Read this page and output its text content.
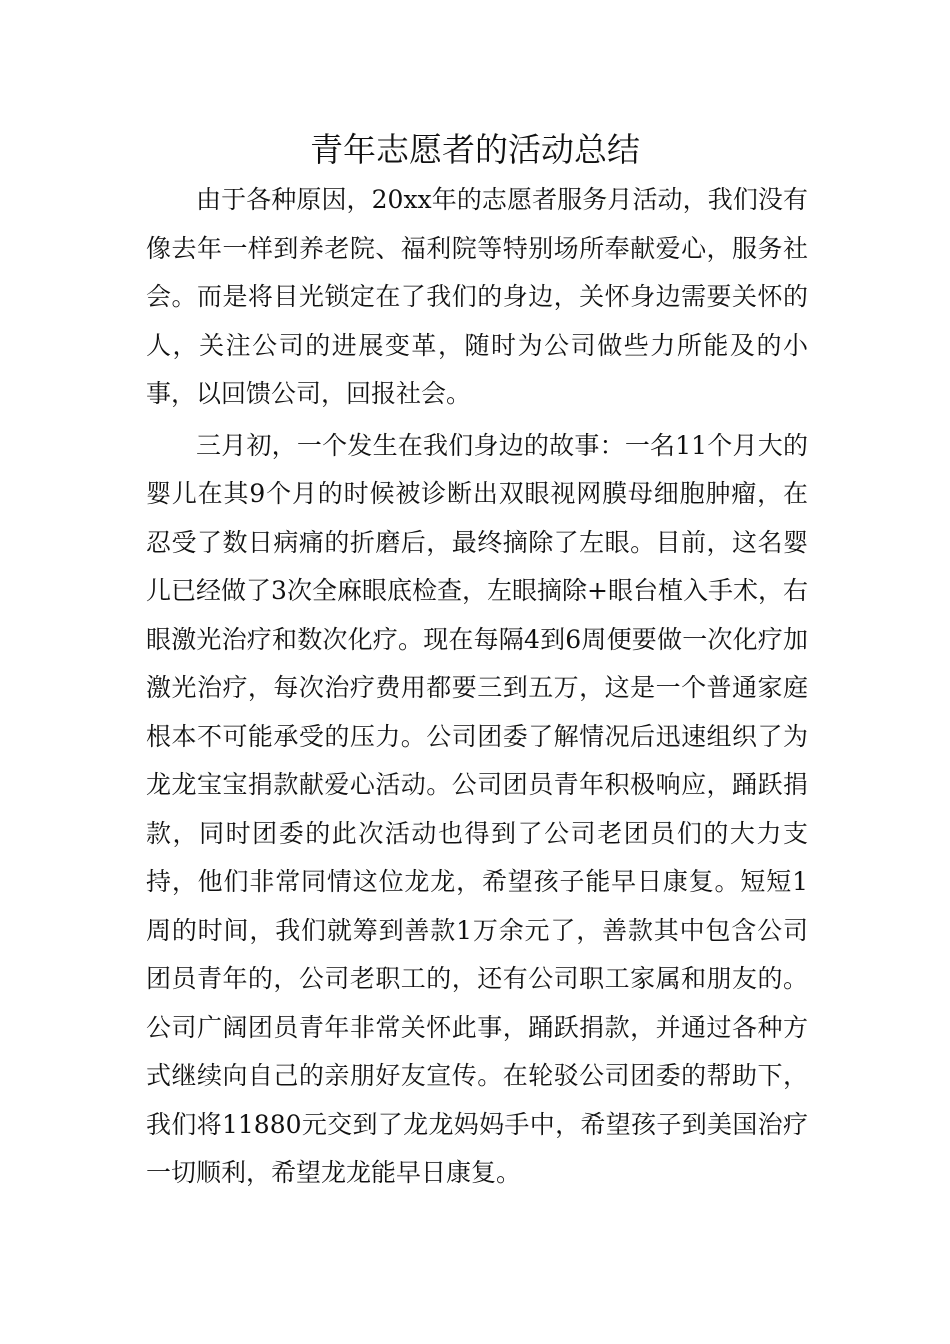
青年志愿者的活动总结

由于各种原因，20xx年的志愿者服务月活动，我们没有像去年一样到养老院、福利院等特别场所奉献爱心，服务社会。而是将目光锁定在了我们的身边，关怀身边需要关怀的人，关注公司的进展变革，随时为公司做些力所能及的小事，以回馈公司，回报社会。

三月初，一个发生在我们身边的故事：一名11个月大的婴儿在其9个月的时候被诊断出双眼视网膜母细胞肿瘤，在忍受了数日病痛的折磨后，最终摘除了左眼。目前，这名婴儿已经做了3次全麻眼底检查，左眼摘除+眼台植入手术，右眼激光治疗和数次化疗。现在每隔4到6周便要做一次化疗加激光治疗，每次治疗费用都要三到五万，这是一个普通家庭根本不可能承受的压力。公司团委了解情况后迅速组织了为龙龙宝宝捐款献爱心活动。公司团员青年积极响应，踊跃捐款，同时团委的此次活动也得到了公司老团员们的大力支持，他们非常同情这位龙龙，希望孩子能早日康复。短短1周的时间，我们就筹到善款1万余元了，善款其中包含公司团员青年的，公司老职工的，还有公司职工家属和朋友的。公司广阔团员青年非常关怀此事，踊跃捐款，并通过各种方式继续向自己的亲朋好友宣传。在轮驳公司团委的帮助下，我们将11880元交到了龙龙妈妈手中，希望孩子到美国治疗一切顺利，希望龙龙能早日康复。
